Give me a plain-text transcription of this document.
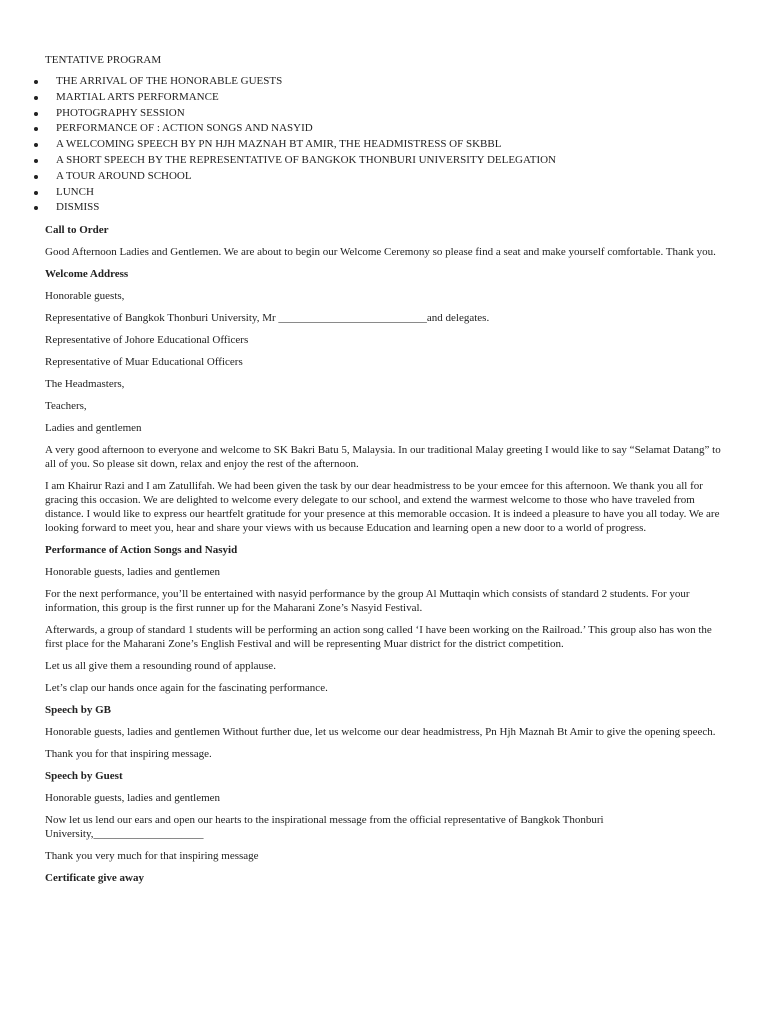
TENTATIVE PROGRAM
THE ARRIVAL OF THE HONORABLE GUESTS
MARTIAL ARTS PERFORMANCE
PHOTOGRAPHY SESSION
PERFORMANCE OF : ACTION SONGS AND NASYID
A WELCOMING SPEECH BY PN HJH MAZNAH BT AMIR, THE HEADMISTRESS OF SKBBL
A SHORT SPEECH BY THE REPRESENTATIVE OF BANGKOK THONBURI UNIVERSITY DELEGATION
A TOUR AROUND SCHOOL
LUNCH
DISMISS

Call to Order

Good Afternoon Ladies and Gentlemen. We are about to begin our Welcome Ceremony so please find a seat and make yourself comfortable. Thank you.

Welcome Address

Honorable guests,

Representative of Bangkok Thonburi University, Mr ___________________________and delegates.

Representative of Johore Educational Officers

Representative of Muar Educational Officers

The Headmasters,

Teachers,

Ladies and gentlemen

A very good afternoon to everyone and welcome to SK Bakri Batu 5, Malaysia. In our traditional Malay greeting I would like to say “Selamat Datang” to all of you. So please sit down, relax and enjoy the rest of the afternoon.

I am Khairur Razi and I am Zatullifah. We had been given the task by our dear headmistress to be your emcee for this afternoon. We thank you all for gracing this occasion. We are delighted to welcome every delegate to our school, and extend the warmest welcome to those who have traveled from distance. I would like to express our heartfelt gratitude for your presence at this memorable occasion. It is indeed a pleasure to have you all today. We are looking forward to meet you, hear and share your views with us because Education and learning open a new door to a world of progress.

Performance of Action Songs and Nasyid

Honorable guests, ladies and gentlemen

For the next performance, you’ll be entertained with nasyid performance by the group Al Muttaqin which consists of standard 2 students. For your information, this group is the first runner up for the Maharani Zone’s Nasyid Festival.

Afterwards, a group of standard 1 students will be performing an action song called ‘I have been working on the Railroad.’ This group also has won the first place for the Maharani Zone’s English Festival and will be representing Muar district for the district competition.

Let us all give them a resounding round of applause.

Let’s clap our hands once again for the fascinating performance.

Speech by GB

Honorable guests, ladies and gentlemen Without further due, let us welcome our dear headmistress, Pn Hjh Maznah Bt Amir to give the opening speech.

Thank you for that inspiring message.

Speech by Guest

Honorable guests, ladies and gentlemen

Now let us lend our ears and open our hearts to the inspirational message from the official representative of Bangkok Thonburi University,____________________

Thank you very much for that inspiring message

Certificate give away
